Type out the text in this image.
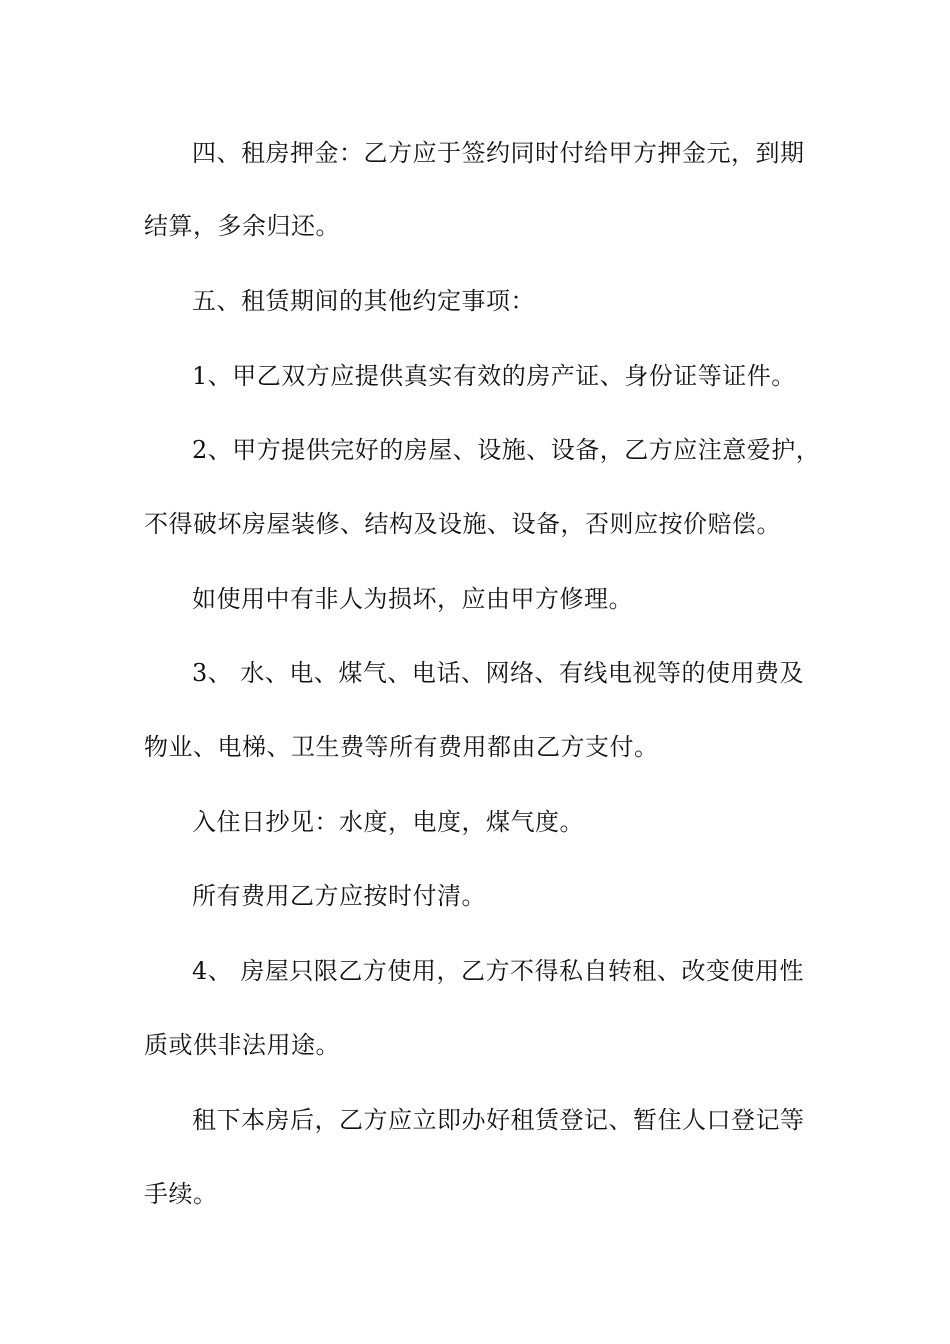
四、租房押金：乙方应于签约同时付给甲方押金元，到期
结算，多余归还。
五、租赁期间的其他约定事项：
1、甲乙双方应提供真实有效的房产证、身份证等证件。
2、甲方提供完好的房屋、设施、设备，乙方应注意爱护，
不得破坏房屋装修、结构及设施、设备，否则应按价赔偿。
如使用中有非人为损坏，应由甲方修理。
3、 水、电、煤气、电话、网络、有线电视等的使用费及
物业、电梯、卫生费等所有费用都由乙方支付。
入住日抄见：水度，电度，煤气度。
所有费用乙方应按时付清。
4、 房屋只限乙方使用，乙方不得私自转租、改变使用性
质或供非法用途。
租下本房后，乙方应立即办好租赁登记、暂住人口登记等
手续。
